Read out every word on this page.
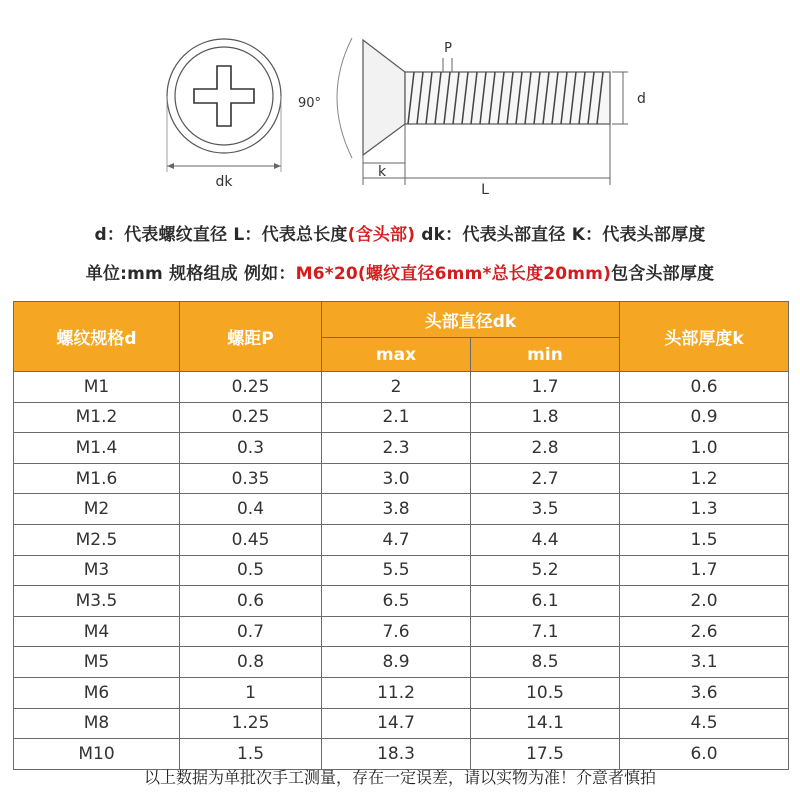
dk
P
d
90°
k
L
d：代表螺纹直径 L：代表总长度(含头部) dk：代表头部直径 K：代表头部厚度
单位:mm 规格组成 例如：M6*20(螺纹直径6mm*总长度20mm)包含头部厚度
螺纹规格d	螺距P	头部直径dk		头部厚度k
		max	min	
M1	0.25	2	1.7	0.6
M1.2	0.25	2.1	1.8	0.9
M1.4	0.3	2.3	2.8	1.0
M1.6	0.35	3.0	2.7	1.2
M2	0.4	3.8	3.5	1.3
M2.5	0.45	4.7	4.4	1.5
M3	0.5	5.5	5.2	1.7
M3.5	0.6	6.5	6.1	2.0
M4	0.7	7.6	7.1	2.6
M5	0.8	8.9	8.5	3.1
M6	1	11.2	10.5	3.6
M8	1.25	14.7	14.1	4.5
M10	1.5	18.3	17.5	6.0
以上数据为单批次手工测量，存在一定误差，请以实物为准！介意者慎拍
